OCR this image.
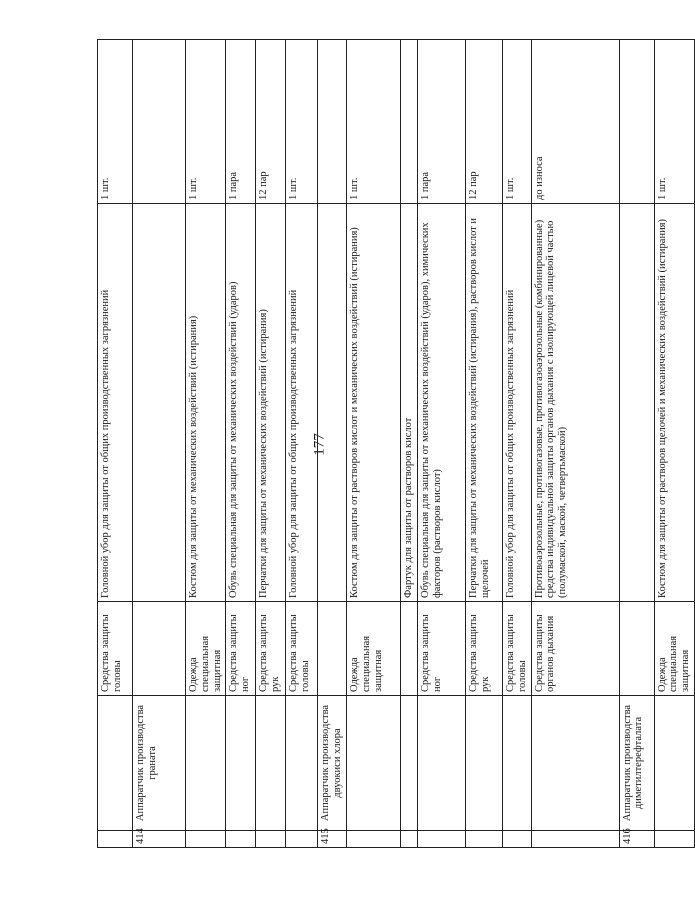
177
		Средства защиты головы	Головной убор для защиты от общих производственных загрязнений	1 шт.
414	Аппаратчик производства граната			
		Одежда специальная защитная	Костюм для защиты от механических воздействий (истирания)	1 шт.
		Средства защиты ног	Обувь специальная для защиты от механических воздействий (ударов)	1 пара
		Средства защиты рук	Перчатки для защиты от механических воздействий (истирания)	12 пар
		Средства защиты головы	Головной убор для защиты от общих производственных загрязнений	1 шт.
415	Аппаратчик производства двуокиси хлора			
		Одежда специальная защитная	Костюм для защиты от растворов кислот и механических воздействий (истирания)	1 шт.
			Фартук для защиты от растворов кислот	
		Средства защиты ног	Обувь специальная для защиты от механических воздействий (ударов), химических факторов (растворов кислот)	1 пара
		Средства защиты рук	Перчатки для защиты от механических воздействий (истирания), растворов кислот и щелочей	12 пар
		Средства защиты головы	Головной убор для защиты от общих производственных загрязнений	1 шт.
		Средства защиты органов дыхания	Противоаэрозольные, противогазовые, противогазоаэрозольные (комбинированные) средства индивидуальной защиты органов дыхания с изолирующей лицевой частью (полумаской, маской, четвертьмаской)	до износа
416	Аппаратчик производства диметилтерефталата			
		Одежда специальная защитная	Костюм для защиты от растворов щелочей и механических воздействий (истирания)	1 шт.
